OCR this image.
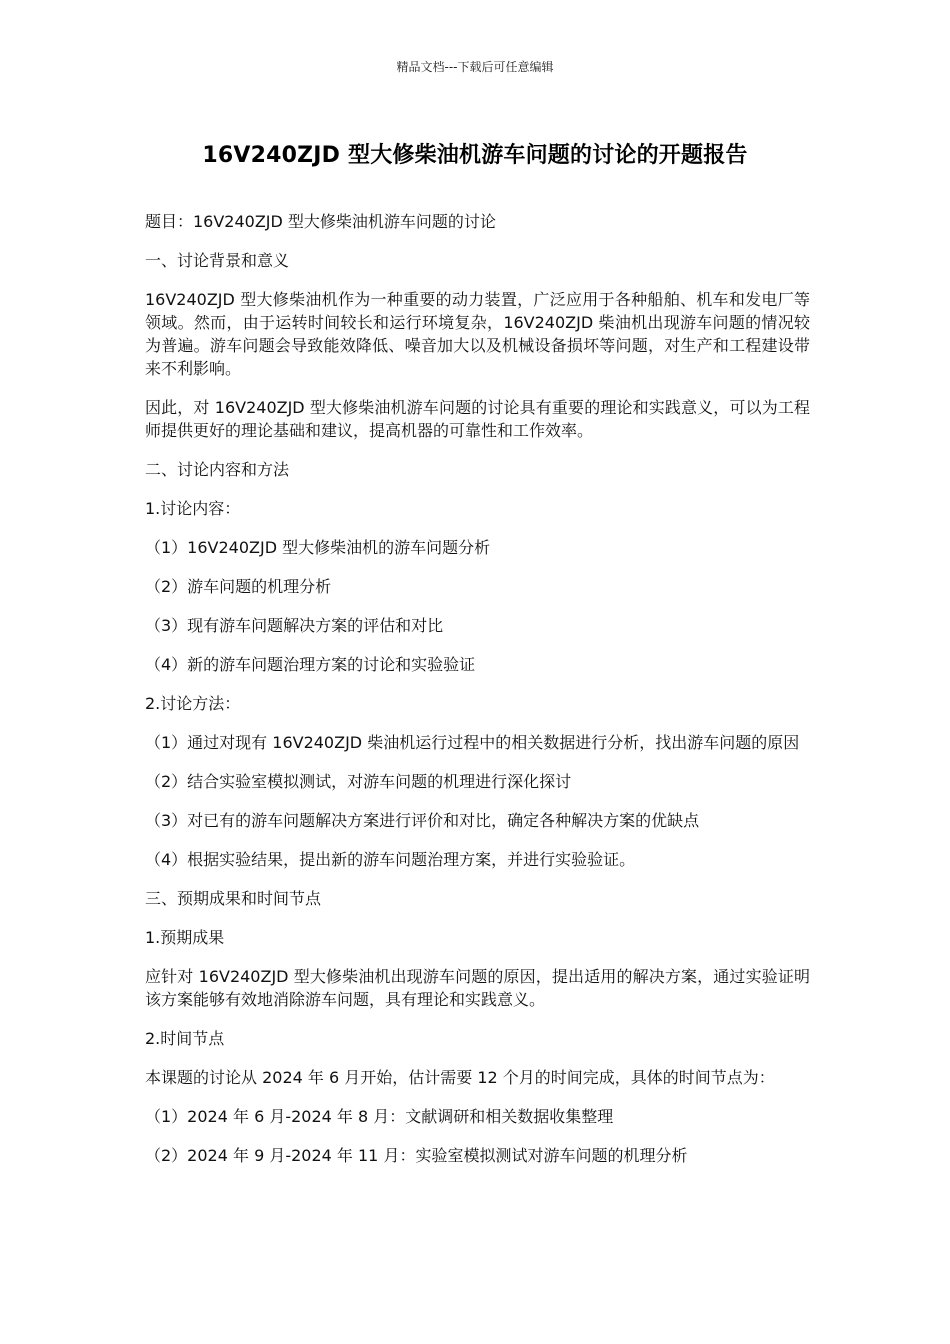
精品文档---下载后可任意编辑
16V240ZJD 型大修柴油机游车问题的讨论的开题报告

题目：16V240ZJD 型大修柴油机游车问题的讨论

一、讨论背景和意义

16V240ZJD 型大修柴油机作为一种重要的动力装置，广泛应用于各种船舶、机车和发电厂等领域。然而，由于运转时间较长和运行环境复杂，16V240ZJD 柴油机出现游车问题的情况较为普遍。游车问题会导致能效降低、噪音加大以及机械设备损坏等问题，对生产和工程建设带来不利影响。

因此，对 16V240ZJD 型大修柴油机游车问题的讨论具有重要的理论和实践意义，可以为工程师提供更好的理论基础和建议，提高机器的可靠性和工作效率。

二、讨论内容和方法

1.讨论内容：

（1）16V240ZJD 型大修柴油机的游车问题分析

（2）游车问题的机理分析

（3）现有游车问题解决方案的评估和对比

（4）新的游车问题治理方案的讨论和实验验证

2.讨论方法：

（1）通过对现有 16V240ZJD 柴油机运行过程中的相关数据进行分析，找出游车问题的原因

（2）结合实验室模拟测试，对游车问题的机理进行深化探讨

（3）对已有的游车问题解决方案进行评价和对比，确定各种解决方案的优缺点

（4）根据实验结果，提出新的游车问题治理方案，并进行实验验证。

三、预期成果和时间节点

1.预期成果

应针对 16V240ZJD 型大修柴油机出现游车问题的原因，提出适用的解决方案，通过实验证明该方案能够有效地消除游车问题，具有理论和实践意义。

2.时间节点

本课题的讨论从 2024 年 6 月开始，估计需要 12 个月的时间完成，具体的时间节点为：

（1）2024 年 6 月-2024 年 8 月：文献调研和相关数据收集整理

（2）2024 年 9 月-2024 年 11 月：实验室模拟测试对游车问题的机理分析
